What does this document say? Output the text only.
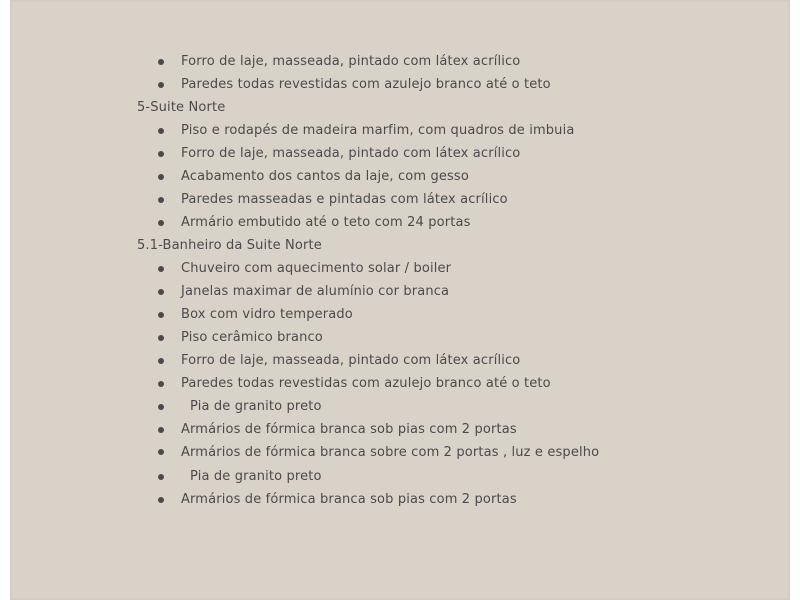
Forro de laje, masseada, pintado com látex acrílico
Paredes todas revestidas com azulejo branco até o teto
5-Suite Norte
Piso e rodapés de madeira marfim, com quadros de imbuia
Forro de laje, masseada, pintado com látex acrílico
Acabamento dos cantos da laje, com gesso
Paredes masseadas e pintadas com látex acrílico
Armário embutido até o teto com 24 portas
5.1-Banheiro da Suite Norte
Chuveiro com aquecimento solar / boiler
Janelas maximar de alumínio cor branca
Box com vidro temperado
Piso cerâmico branco
Forro de laje, masseada, pintado com látex acrílico
Paredes todas revestidas com azulejo branco até o teto
Pia de granito preto
Armários de fórmica branca sob pias com 2 portas
Armários de fórmica branca sobre com 2 portas , luz e espelho
Pia de granito preto
Armários de fórmica branca sob pias com 2 portas
